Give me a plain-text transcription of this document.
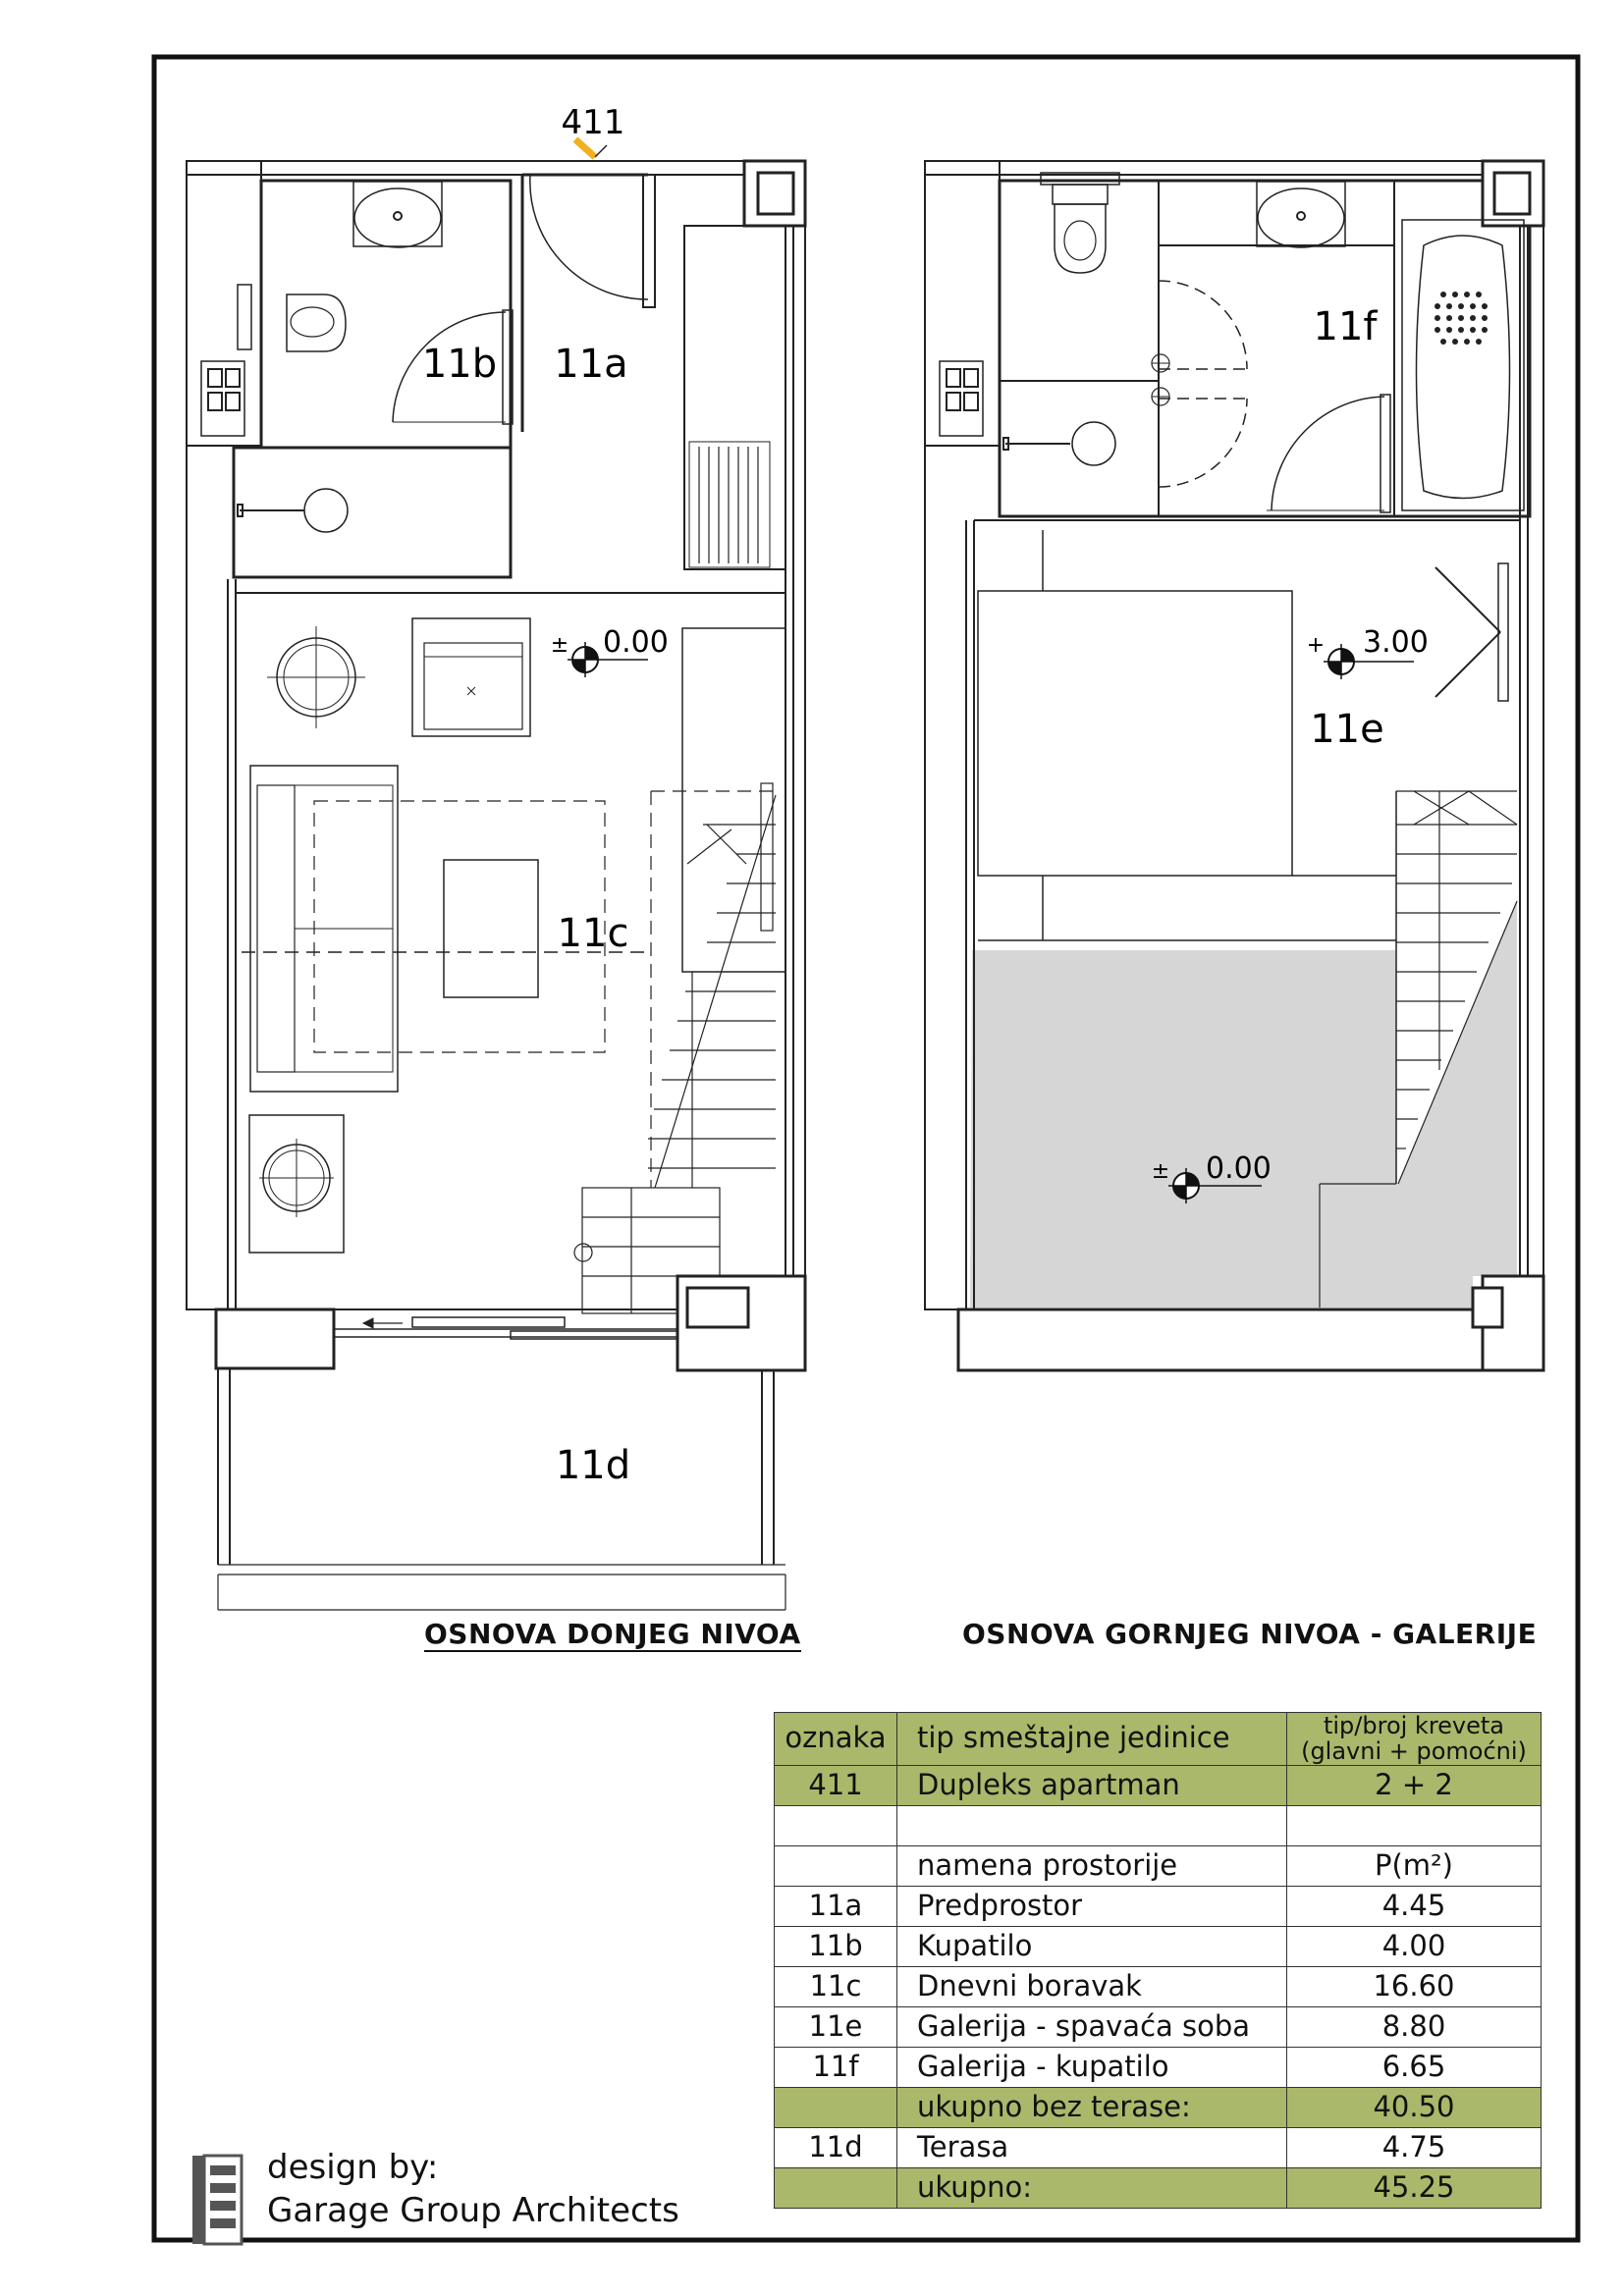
411
11b 11a
11c
11d
± 0.00
11f
11e
+ 3.00
± 0.00
OSNOVA DONJEG NIVOA	OSNOVA GORNJEG NIVOA - GALERIJE
oznaka	tip smeštajne jedinice	tip/broj kreveta
(glavni + pomoćni)

411	Dupleks apartman	2 + 2

	namena prostorije	P(m²)
11a	Predprostor	4.45
11b	Kupatilo	4.00
11c	Dnevni boravak	16.60
11e	Galerija - spavaća soba	8.80
11f	Galerija - kupatilo	6.65
	ukupno bez terase:	40.50
11d	Terasa	4.75
	ukupno:	45.25
design by:
Garage Group Architects
